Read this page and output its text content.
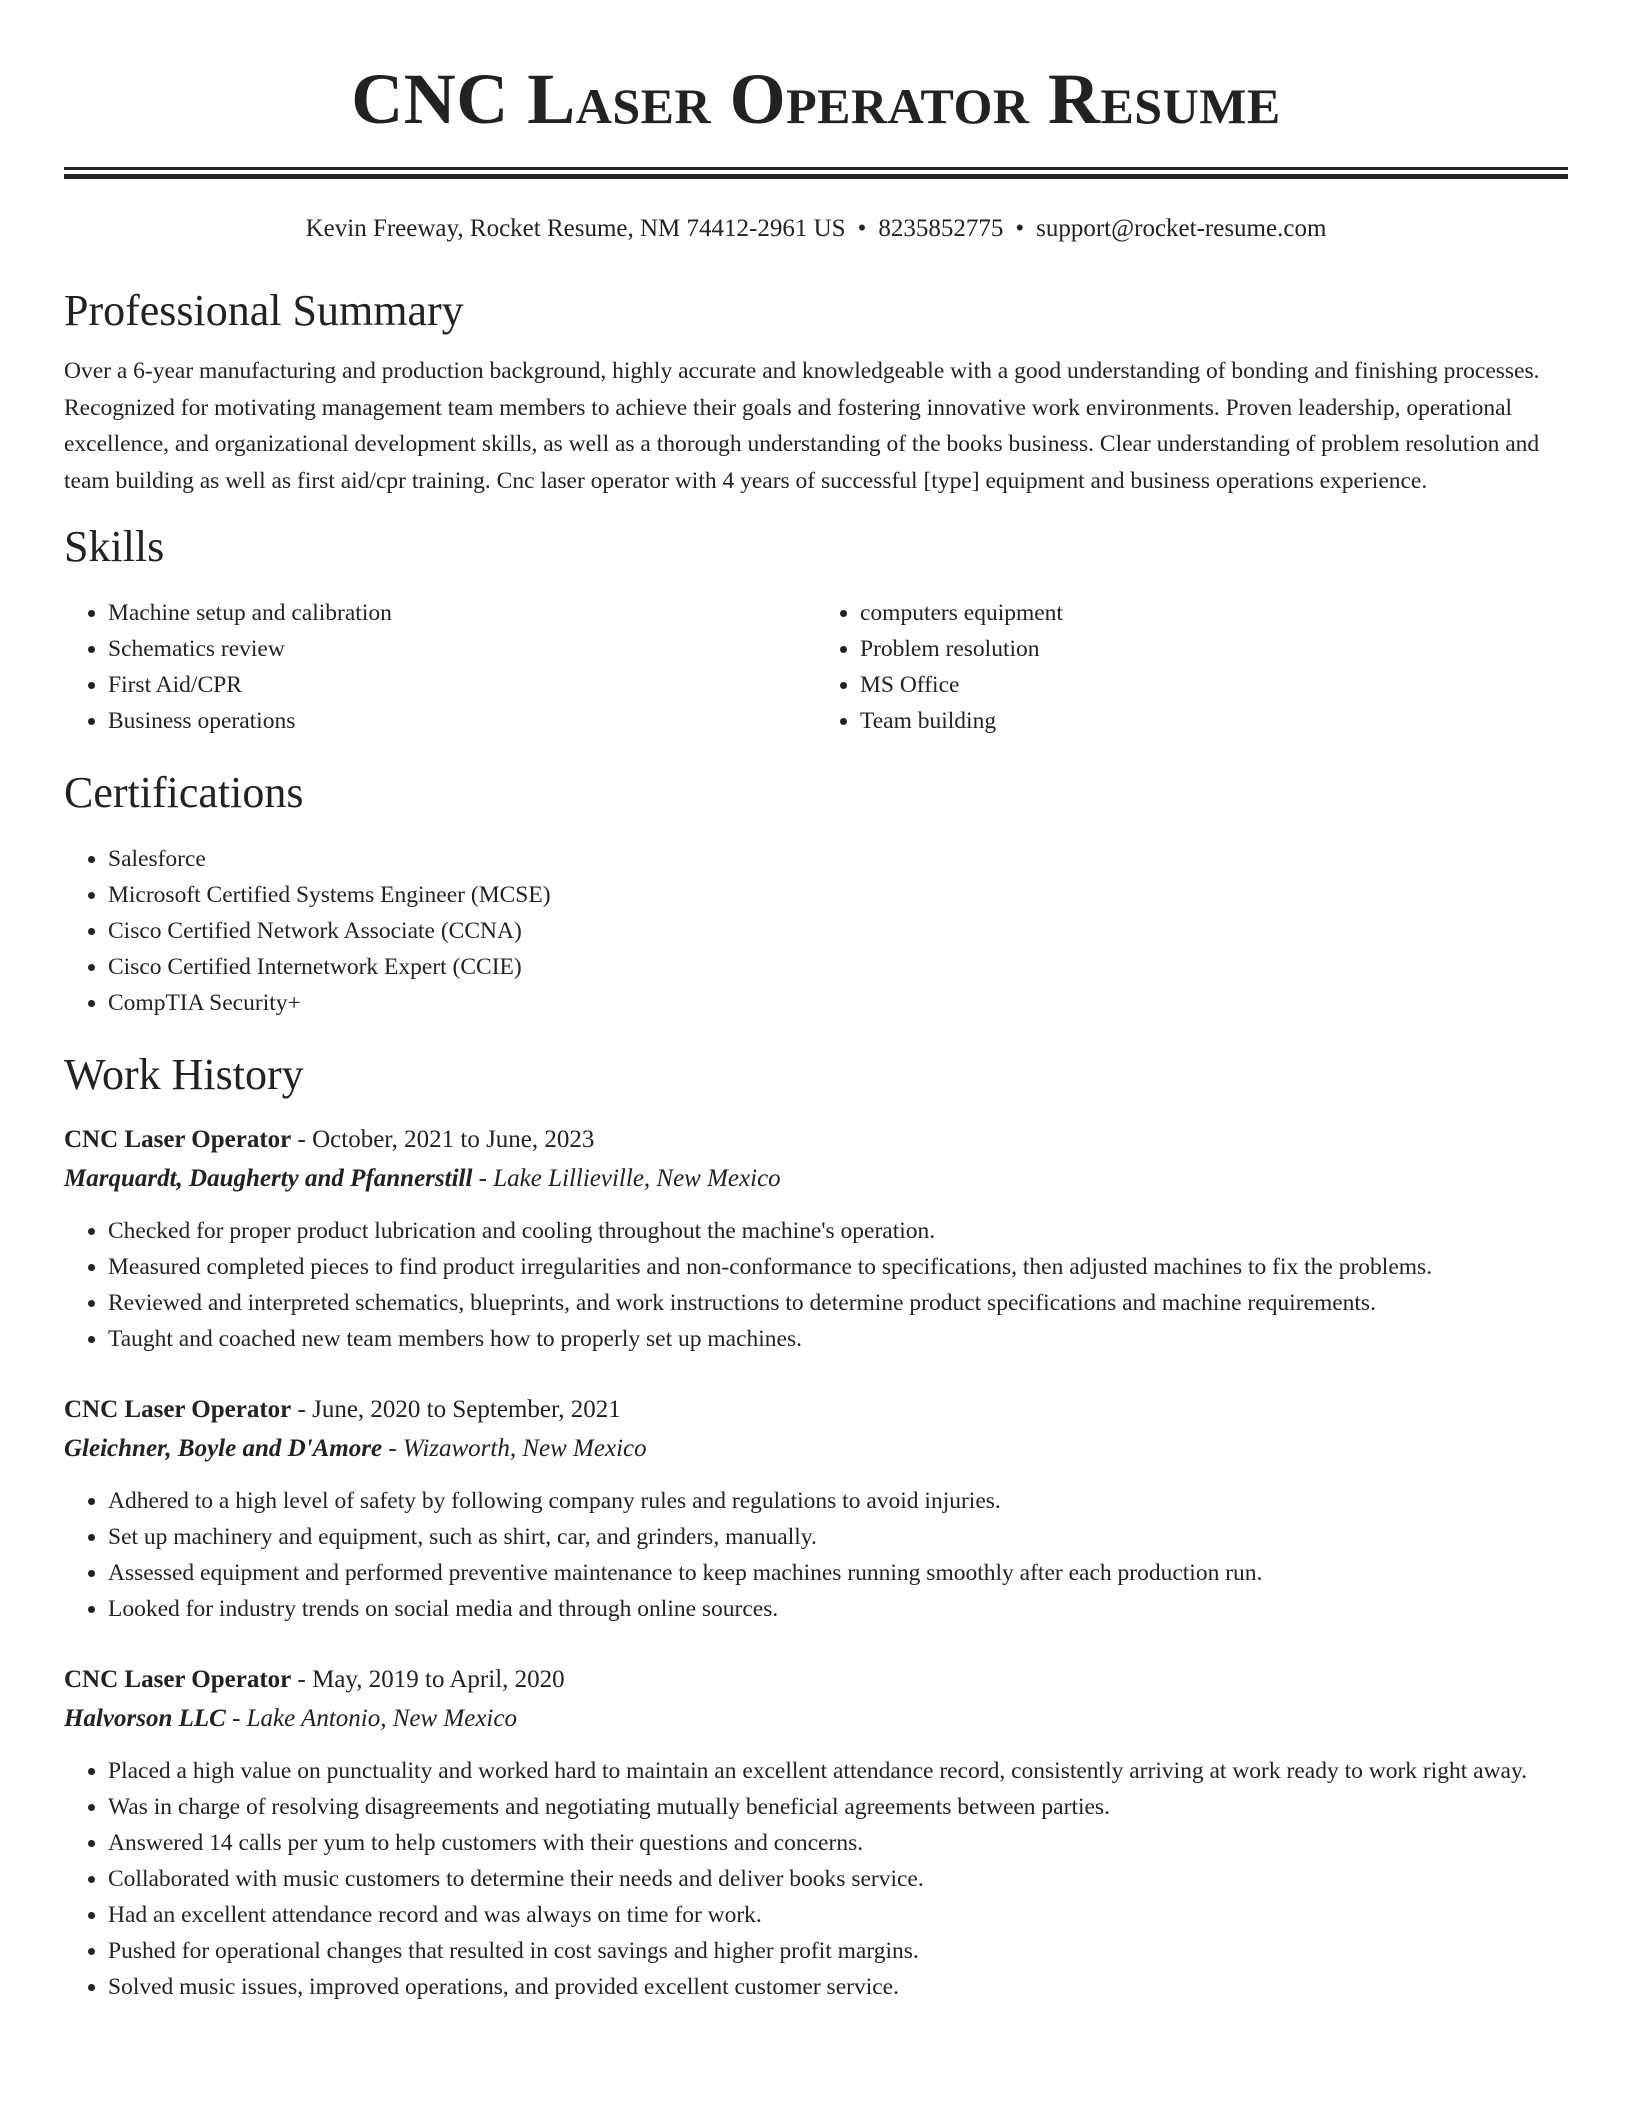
CNC Laser Operator Resume
Kevin Freeway, Rocket Resume, NM 74412-2961 US • 8235852775 • support@rocket-resume.com
Professional Summary

Over a 6-year manufacturing and production background, highly accurate and knowledgeable with a good understanding of bonding and finishing processes. Recognized for motivating management team members to achieve their goals and fostering innovative work environments. Proven leadership, operational excellence, and organizational development skills, as well as a thorough understanding of the books business. Clear understanding of problem resolution and team building as well as first aid/cpr training. Cnc laser operator with 4 years of successful [type] equipment and business operations experience.

Skills
• Machine setup and calibration
• Schematics review
• First Aid/CPR
• Business operations
• computers equipment
• Problem resolution
• MS Office
• Team building
Certifications
• Salesforce
• Microsoft Certified Systems Engineer (MCSE)
• Cisco Certified Network Associate (CCNA)
• Cisco Certified Internetwork Expert (CCIE)
• CompTIA Security+
Work History
CNC Laser Operator - October, 2021 to June, 2023
Marquardt, Daugherty and Pfannerstill - Lake Lillieville, New Mexico
• Checked for proper product lubrication and cooling throughout the machine's operation.
• Measured completed pieces to find product irregularities and non-conformance to specifications, then adjusted machines to fix the problems.
• Reviewed and interpreted schematics, blueprints, and work instructions to determine product specifications and machine requirements.
• Taught and coached new team members how to properly set up machines.
CNC Laser Operator - June, 2020 to September, 2021
Gleichner, Boyle and D'Amore - Wizaworth, New Mexico
• Adhered to a high level of safety by following company rules and regulations to avoid injuries.
• Set up machinery and equipment, such as shirt, car, and grinders, manually.
• Assessed equipment and performed preventive maintenance to keep machines running smoothly after each production run.
• Looked for industry trends on social media and through online sources.
CNC Laser Operator - May, 2019 to April, 2020
Halvorson LLC - Lake Antonio, New Mexico
• Placed a high value on punctuality and worked hard to maintain an excellent attendance record, consistently arriving at work ready to work right away.
• Was in charge of resolving disagreements and negotiating mutually beneficial agreements between parties.
• Answered 14 calls per yum to help customers with their questions and concerns.
• Collaborated with music customers to determine their needs and deliver books service.
• Had an excellent attendance record and was always on time for work.
• Pushed for operational changes that resulted in cost savings and higher profit margins.
• Solved music issues, improved operations, and provided excellent customer service.
